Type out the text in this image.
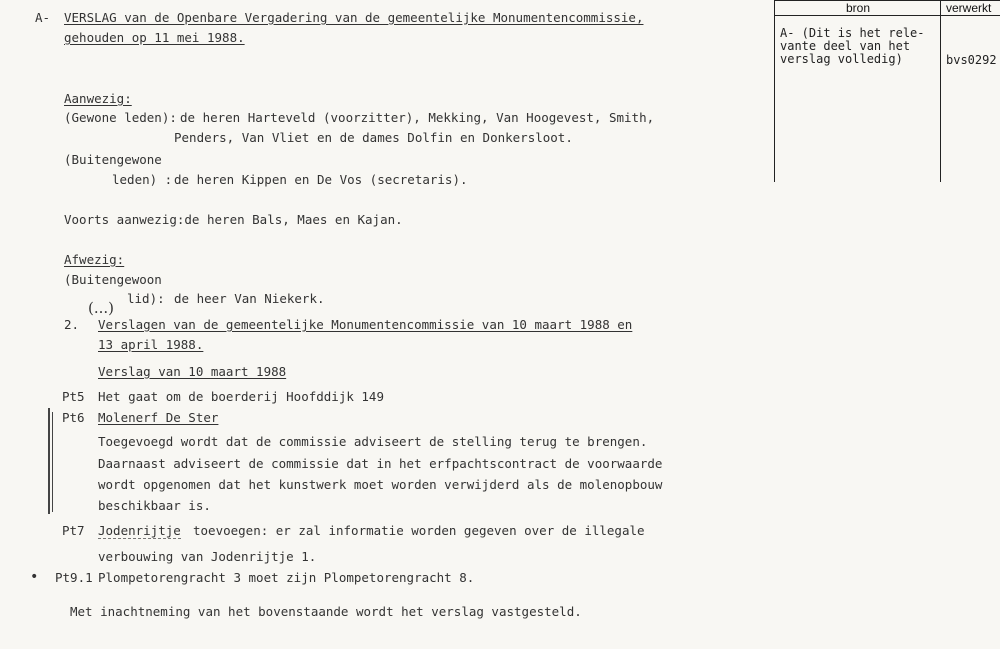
A- VERSLAG van de Openbare Vergadering van de gemeentelijke Monumentencommissie,
gehouden op 11 mei 1988.
Aanwezig:
(Gewone leden): de heren Harteveld (voorzitter), Mekking, Van Hoogevest, Smith,
Penders, Van Vliet en de dames Dolfin en Donkersloot.
(Buitengewone
leden) : de heren Kippen en De Vos (secretaris).
Voorts aanwezig:de heren Bals, Maes en Kajan.
Afwezig:
(Buitengewoon
lid): de heer Van Niekerk.
(...)
2. Verslagen van de gemeentelijke Monumentencommissie van 10 maart 1988 en
13 april 1988.
Verslag van 10 maart 1988
Pt5 Het gaat om de boerderij Hoofddijk 149
Pt6 Molenerf De Ster
Toegevoegd wordt dat de commissie adviseert de stelling terug te brengen.
Daarnaast adviseert de commissie dat in het erfpachtscontract de voorwaarde
wordt opgenomen dat het kunstwerk moet worden verwijderd als de molenopbouw
beschikbaar is.
Pt7 Jodenrijtje toevoegen: er zal informatie worden gegeven over de illegale
verbouwing van Jodenrijtje 1.
• Pt9.1 Plompetorengracht 3 moet zijn Plompetorengracht 8.
Met inachtneming van het bovenstaande wordt het verslag vastgesteld.
bron	verwerkt
A- (Dit is het rele-
vante deel van het
verslag volledig)	bvs0292
